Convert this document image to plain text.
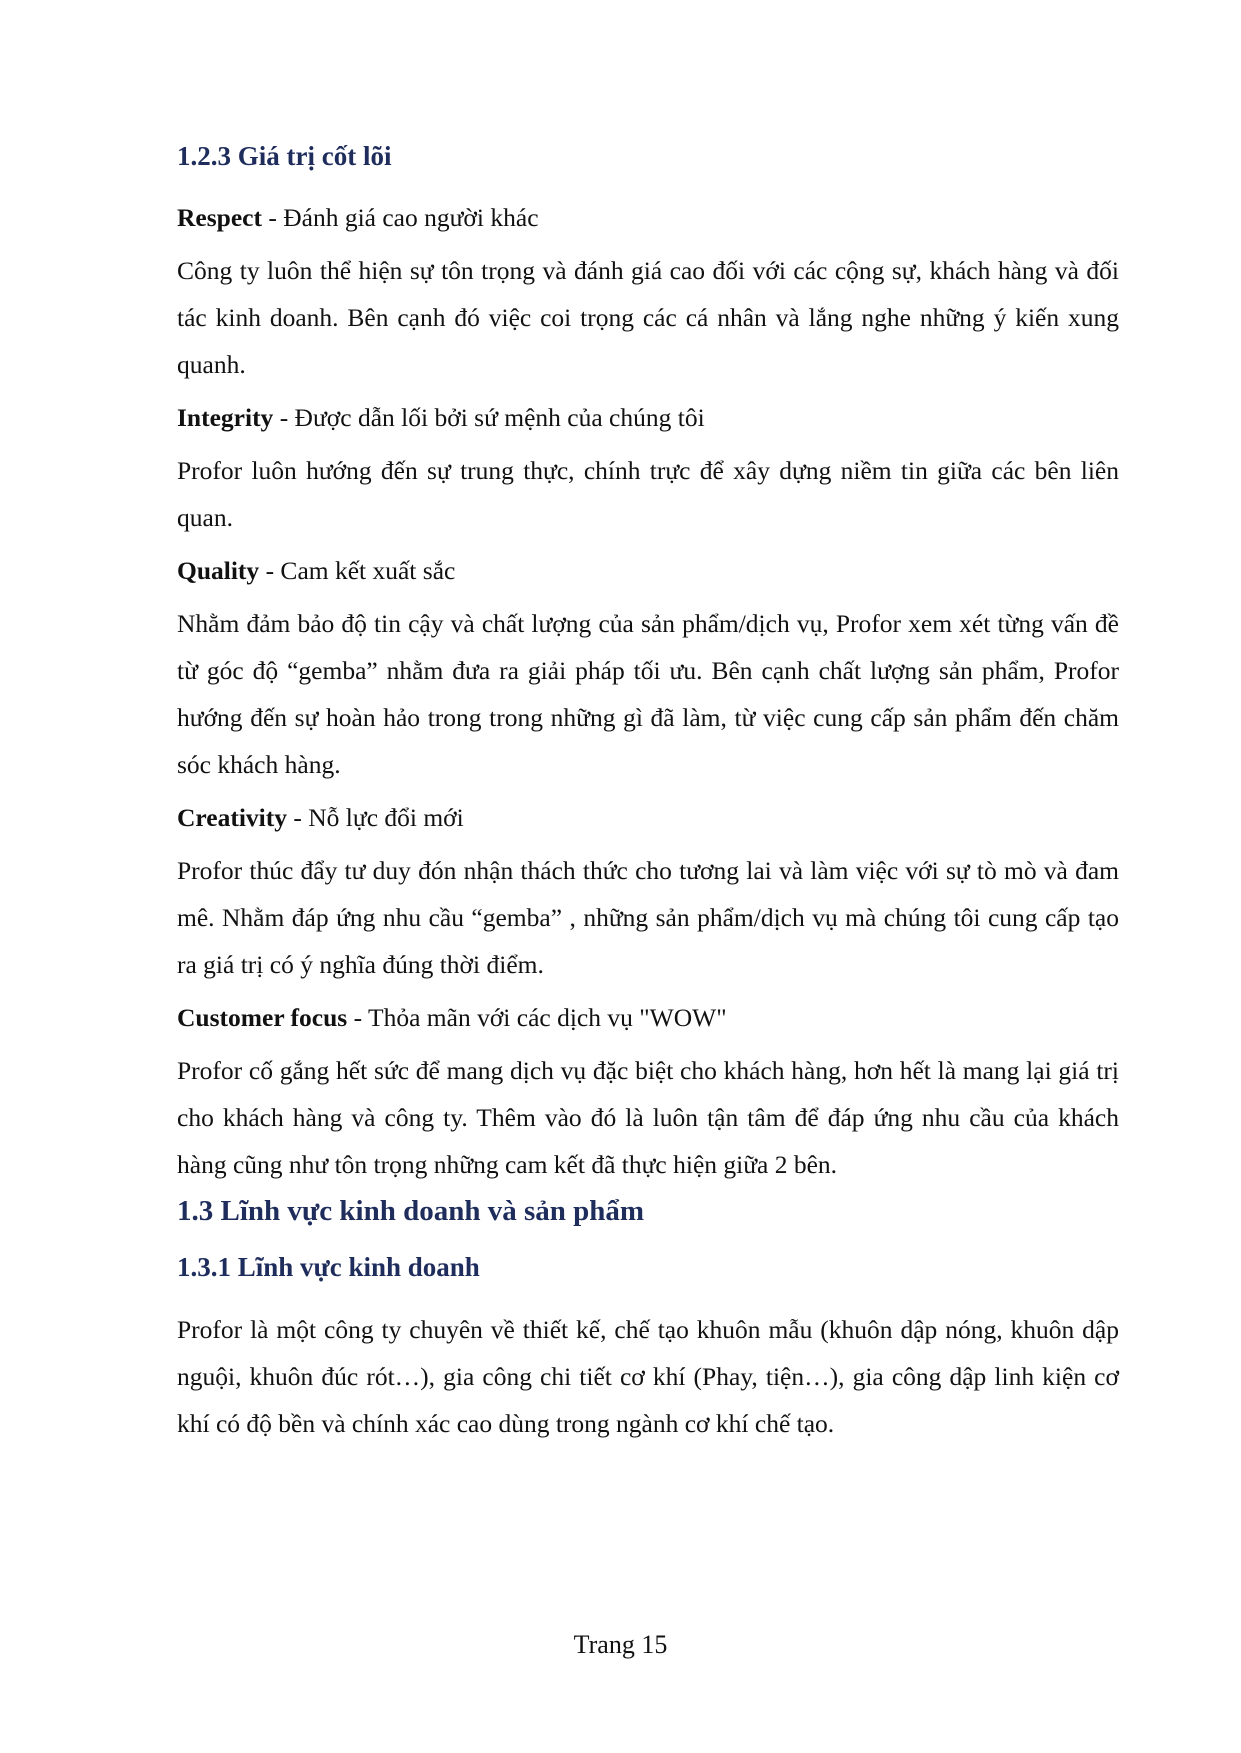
1.2.3 Giá trị cốt lõi

Respect - Đánh giá cao người khác

Công ty luôn thể hiện sự tôn trọng và đánh giá cao đối với các cộng sự, khách hàng và đối tác kinh doanh. Bên cạnh đó việc coi trọng các cá nhân và lắng nghe những ý kiến xung quanh.

Integrity - Được dẫn lối bởi sứ mệnh của chúng tôi

Profor luôn hướng đến sự trung thực, chính trực để xây dựng niềm tin giữa các bên liên quan.

Quality - Cam kết xuất sắc

Nhằm đảm bảo độ tin cậy và chất lượng của sản phẩm/dịch vụ, Profor xem xét từng vấn đề từ góc độ “gemba” nhằm đưa ra giải pháp tối ưu. Bên cạnh chất lượng sản phẩm, Profor hướng đến sự hoàn hảo trong trong những gì đã làm, từ việc cung cấp sản phẩm đến chăm sóc khách hàng.

Creativity - Nỗ lực đổi mới

Profor thúc đẩy tư duy đón nhận thách thức cho tương lai và làm việc với sự tò mò và đam mê. Nhằm đáp ứng nhu cầu “gemba” , những sản phẩm/dịch vụ mà chúng tôi cung cấp tạo ra giá trị có ý nghĩa đúng thời điểm.

Customer focus - Thỏa mãn với các dịch vụ "WOW"

Profor cố gắng hết sức để mang dịch vụ đặc biệt cho khách hàng, hơn hết là mang lại giá trị cho khách hàng và công ty. Thêm vào đó là luôn tận tâm để đáp ứng nhu cầu của khách hàng cũng như tôn trọng những cam kết đã thực hiện giữa 2 bên.

1.3 Lĩnh vực kinh doanh và sản phẩm
1.3.1 Lĩnh vực kinh doanh

Profor là một công ty chuyên về thiết kế, chế tạo khuôn mẫu (khuôn dập nóng, khuôn dập nguội, khuôn đúc rót…), gia công chi tiết cơ khí (Phay, tiện…), gia công dập linh kiện cơ khí có độ bền và chính xác cao dùng trong ngành cơ khí chế tạo.

Trang 15
